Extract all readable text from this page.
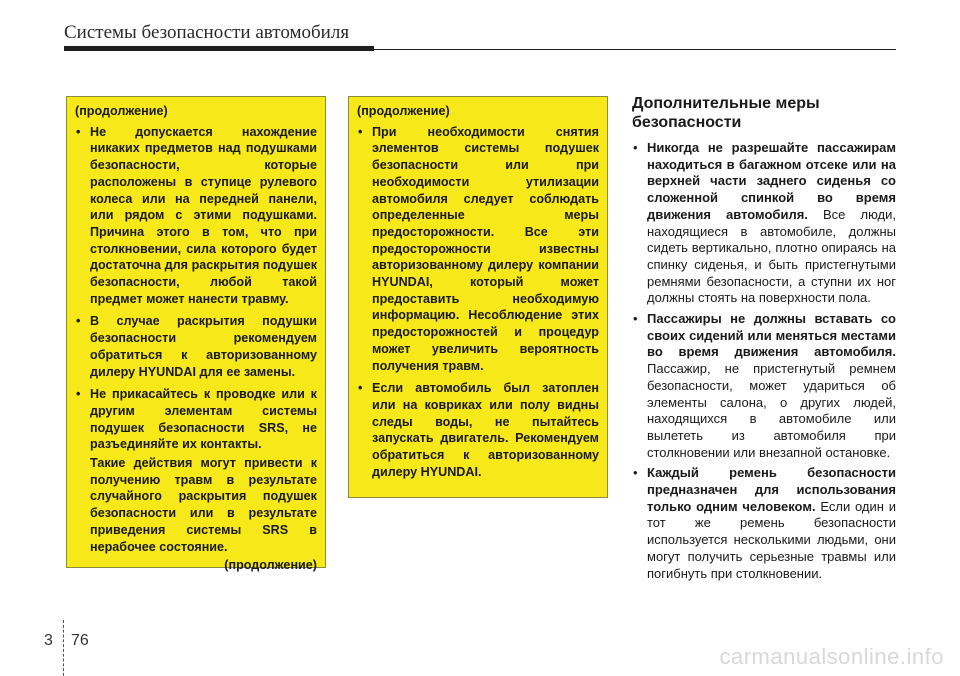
Системы безопасности автомобиля
(продолжение)
• Не допускается нахождение никаких предметов над подушками безопасности, которые расположены в ступице рулевого колеса или на передней панели, или рядом с этими подушками. Причина этого в том, что при столкновении, сила которого будет достаточна для раскрытия подушек безопасности, любой такой предмет может нанести травму.
• В случае раскрытия подушки безопасности рекомендуем обратиться к авторизованному дилеру HYUNDAI для ее замены.
• Не прикасайтесь к проводке или к другим элементам системы подушек безопасности SRS, не разъединяйте их контакты.
Такие действия могут привести к получению травм в результате случайного раскрытия подушек безопасности или в результате приведения системы SRS в нерабочее состояние.
(продолжение)
(продолжение)
• При необходимости снятия элементов системы подушек безопасности или при необходимости утилизации автомобиля следует соблюдать определенные меры предосторожности. Все эти предосторожности известны авторизованному дилеру компании HYUNDAI, который может предоставить необходимую информацию. Несоблюдение этих предосторожностей и процедур может увеличить вероятность получения травм.
• Если автомобиль был затоплен или на ковриках или полу видны следы воды, не пытайтесь запускать двигатель. Рекомендуем обратиться к авторизованному дилеру HYUNDAI.
Дополнительные меры безопасности
• Никогда не разрешайте пассажирам находиться в багажном отсеке или на верхней части заднего сиденья со сложенной спинкой во время движения автомобиля. Все люди, находящиеся в автомобиле, должны сидеть вертикально, плотно опираясь на спинку сиденья, и быть пристегнутыми ремнями безопасности, а ступни их ног должны стоять на поверхности пола.
• Пассажиры не должны вставать со своих сидений или меняться местами во время движения автомобиля. Пассажир, не пристегнутый ремнем безопасности, может удариться об элементы салона, о других людей, находящихся в автомобиле или вылететь из автомобиля при столкновении или внезапной остановке.
• Каждый ремень безопасности предназначен для использования только одним человеком. Если один и тот же ремень безопасности используется несколькими людьми, они могут получить серьезные травмы или погибнуть при столкновении.
3 76
carmanualsonline.info
